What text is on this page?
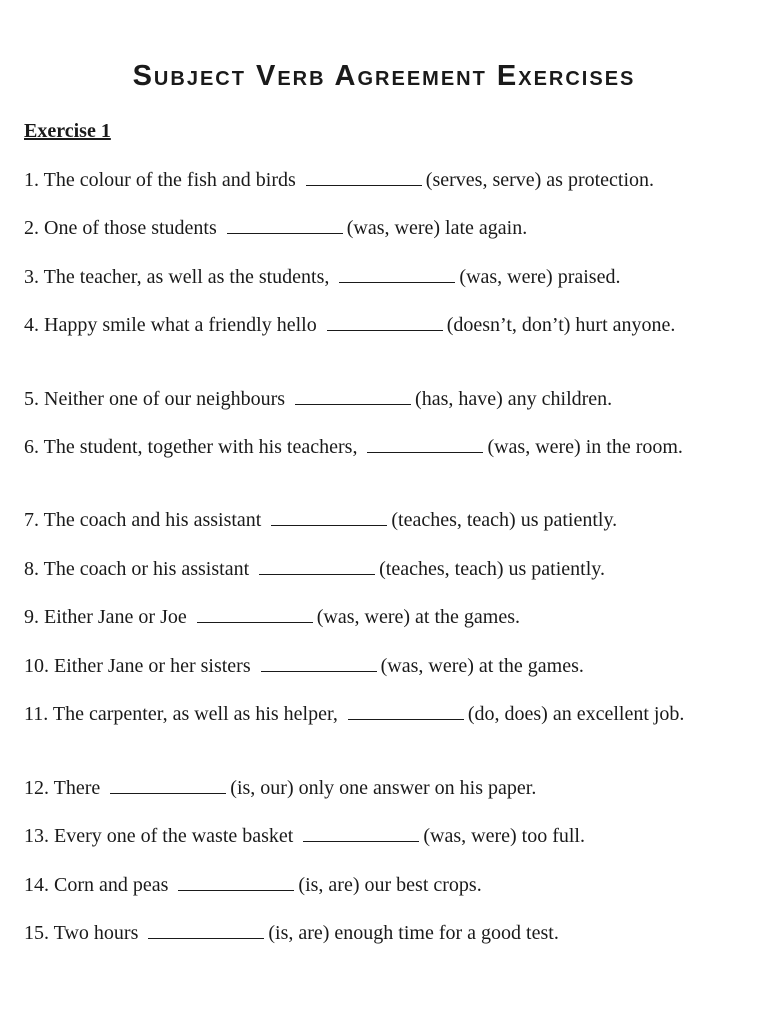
Subject Verb Agreement Exercises
Exercise 1
1. The colour of the fish and birds	(serves, serve) as protection.
2. One of those students	(was, were) late again.
3. The teacher, as well as the students,	(was, were) praised.
4. Happy smile what a friendly hello	(doesn’t, don’t) hurt anyone.
5. Neither one of our neighbours	(has, have) any children.
6. The student, together with his teachers,	(was, were) in the room.
7. The coach and his assistant	(teaches, teach) us patiently.
8. The coach or his assistant	(teaches, teach) us patiently.
9. Either Jane or Joe	(was, were) at the games.
10. Either Jane or her sisters	(was, were) at the games.
11. The carpenter, as well as his helper,	(do, does) an excellent job.
12. There	(is, our) only one answer on his paper.
13. Every one of the waste basket	(was, were) too full.
14. Corn and peas	(is, are) our best crops.
15. Two hours	(is, are) enough time for a good test.
